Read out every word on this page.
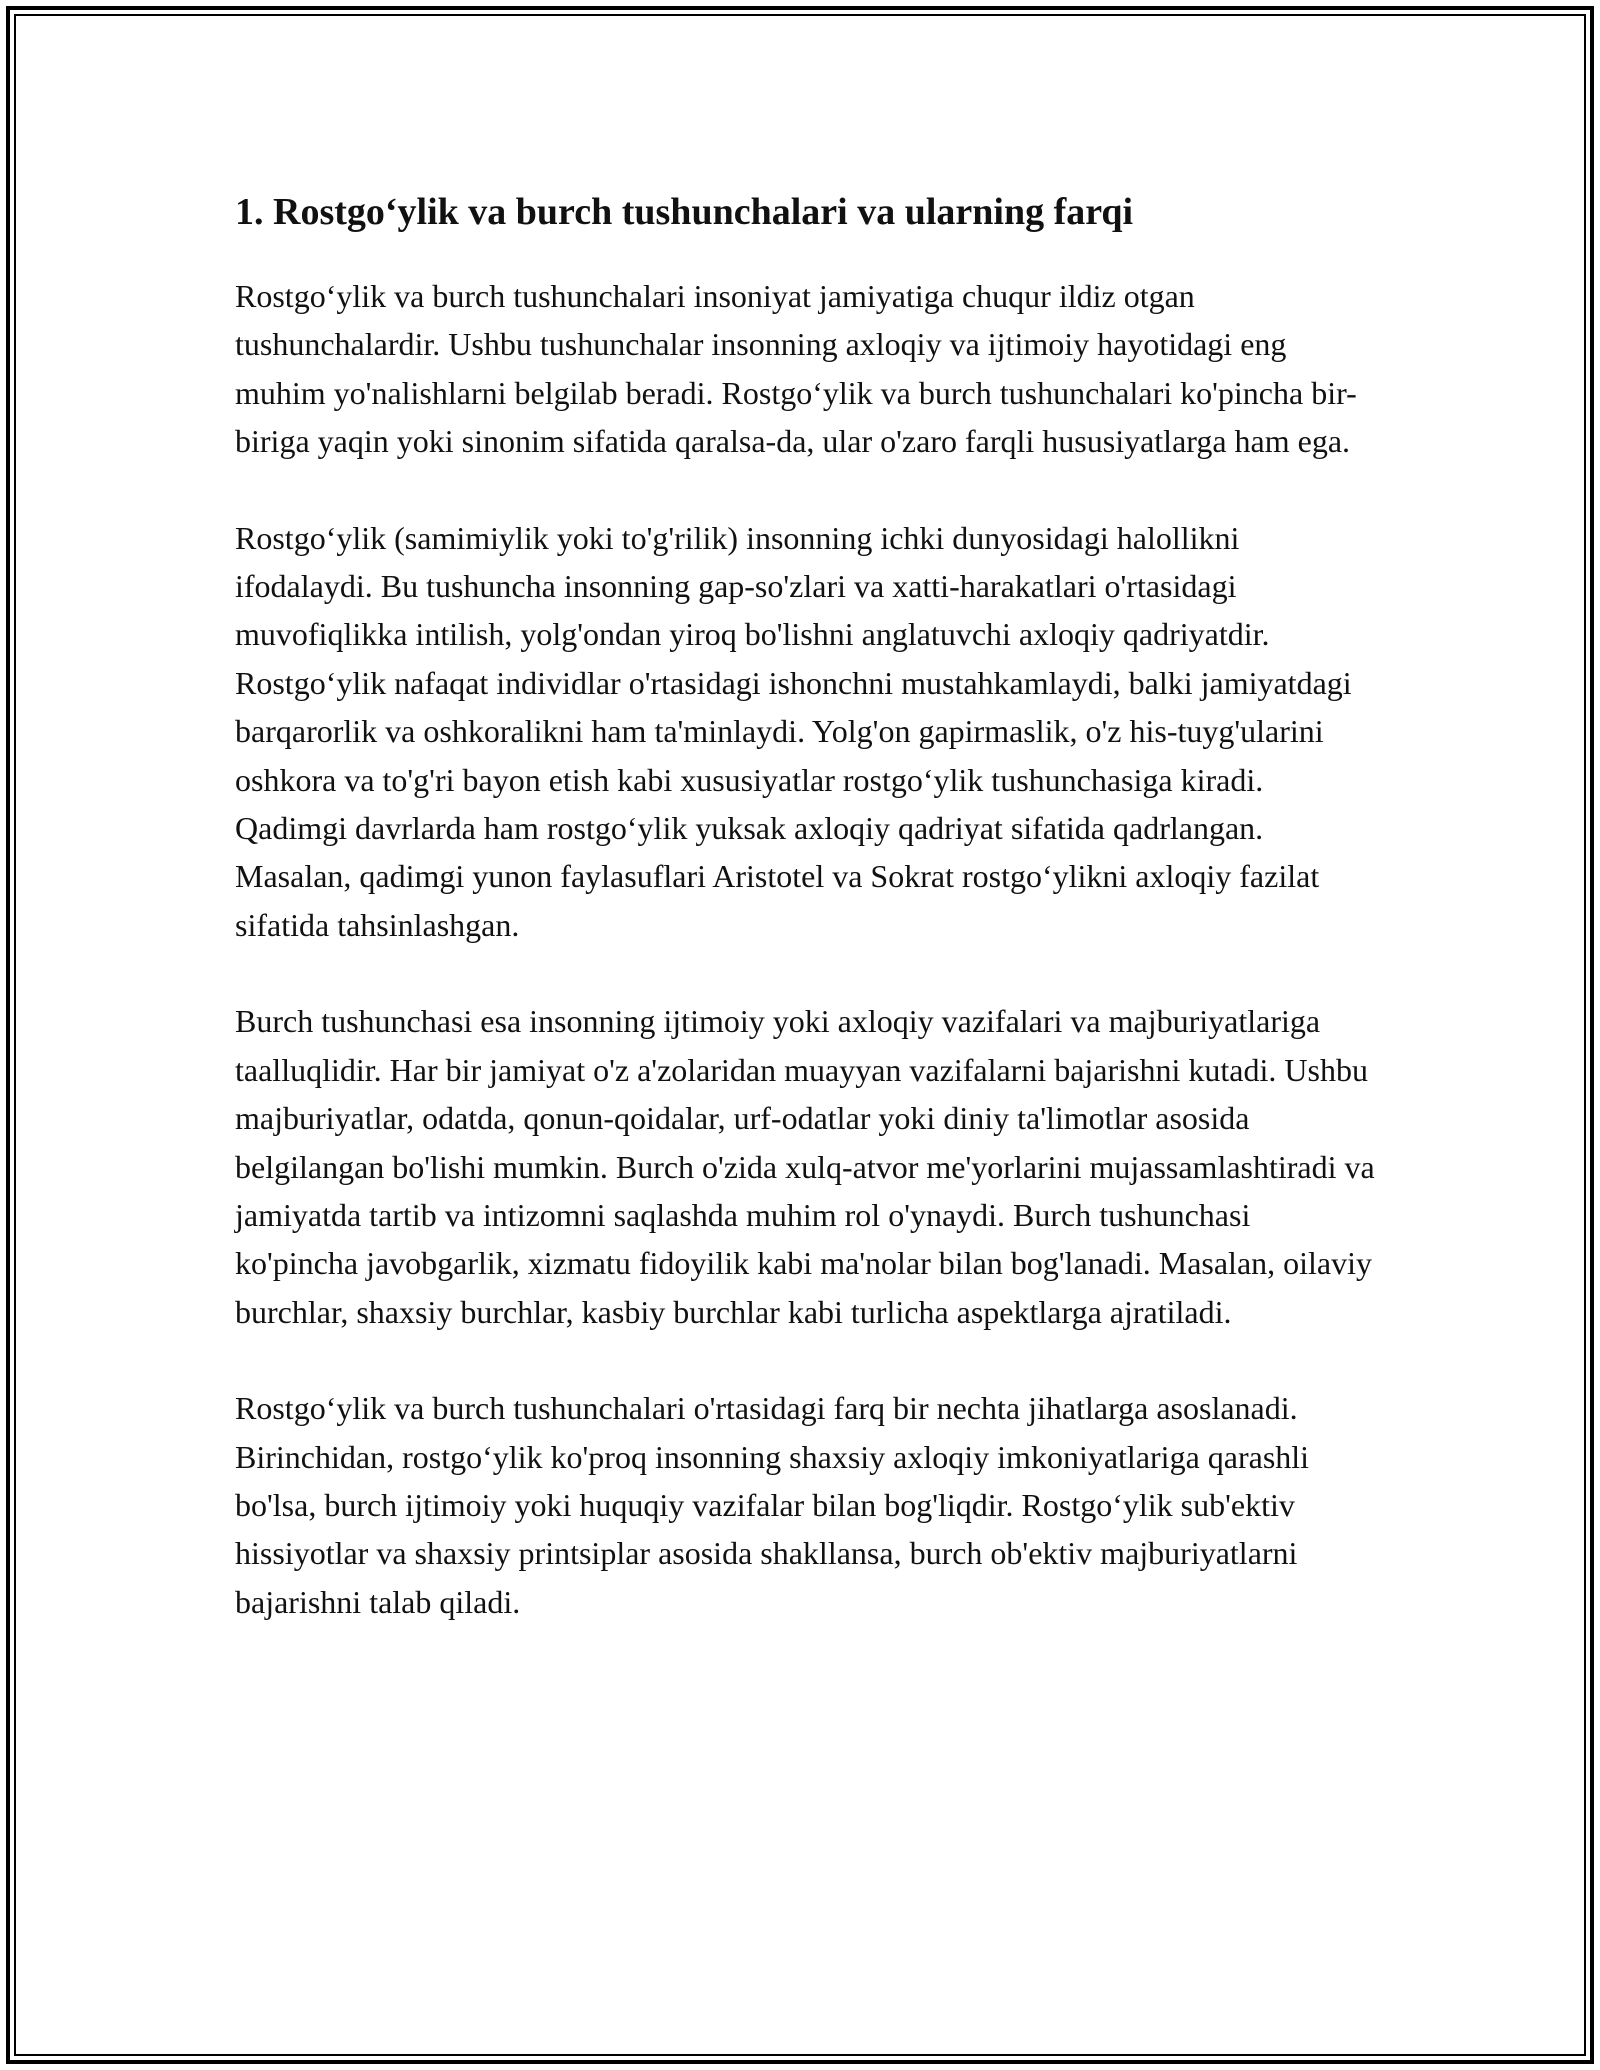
1. Rostgo‘ylik va burch tushunchalari va ularning farqi

Rostgo‘ylik va burch tushunchalari insoniyat jamiyatiga chuqur ildiz otgan tushunchalardir. Ushbu tushunchalar insonning axloqiy va ijtimoiy hayotidagi eng muhim yo'nalishlarni belgilab beradi. Rostgo‘ylik va burch tushunchalari ko'pincha bir-biriga yaqin yoki sinonim sifatida qaralsa-da, ular o'zaro farqli hususiyatlarga ham ega.

Rostgo‘ylik (samimiylik yoki to'g'rilik) insonning ichki dunyosidagi halollikni ifodalaydi. Bu tushuncha insonning gap-so'zlari va xatti-harakatlari o'rtasidagi muvofiqlikka intilish, yolg'ondan yiroq bo'lishni anglatuvchi axloqiy qadriyatdir. Rostgo‘ylik nafaqat individlar o'rtasidagi ishonchni mustahkamlaydi, balki jamiyatdagi barqarorlik va oshkoralikni ham ta'minlaydi. Yolg'on gapirmaslik, o'z his-tuyg'ularini oshkora va to'g'ri bayon etish kabi xususiyatlar rostgo‘ylik tushunchasiga kiradi. Qadimgi davrlarda ham rostgo‘ylik yuksak axloqiy qadriyat sifatida qadrlangan. Masalan, qadimgi yunon faylasuflari Aristotel va Sokrat rostgo‘ylikni axloqiy fazilat sifatida tahsinlashgan.

Burch tushunchasi esa insonning ijtimoiy yoki axloqiy vazifalari va majburiyatlariga taalluqlidir. Har bir jamiyat o'z a'zolaridan muayyan vazifalarni bajarishni kutadi. Ushbu majburiyatlar, odatda, qonun-qoidalar, urf-odatlar yoki diniy ta'limotlar asosida belgilangan bo'lishi mumkin. Burch o'zida xulq-atvor me'yorlarini mujassamlashtiradi va jamiyatda tartib va intizomni saqlashda muhim rol o'ynaydi. Burch tushunchasi ko'pincha javobgarlik, xizmatu fidoyilik kabi ma'nolar bilan bog'lanadi. Masalan, oilaviy burchlar, shaxsiy burchlar, kasbiy burchlar kabi turlicha aspektlarga ajratiladi.

Rostgo‘ylik va burch tushunchalari o'rtasidagi farq bir nechta jihatlarga asoslanadi. Birinchidan, rostgo‘ylik ko'proq insonning shaxsiy axloqiy imkoniyatlariga qarashli bo'lsa, burch ijtimoiy yoki huquqiy vazifalar bilan bog'liqdir. Rostgo‘ylik sub'ektiv hissiyotlar va shaxsiy printsiplar asosida shakllansa, burch ob'ektiv majburiyatlarni bajarishni talab qiladi.
